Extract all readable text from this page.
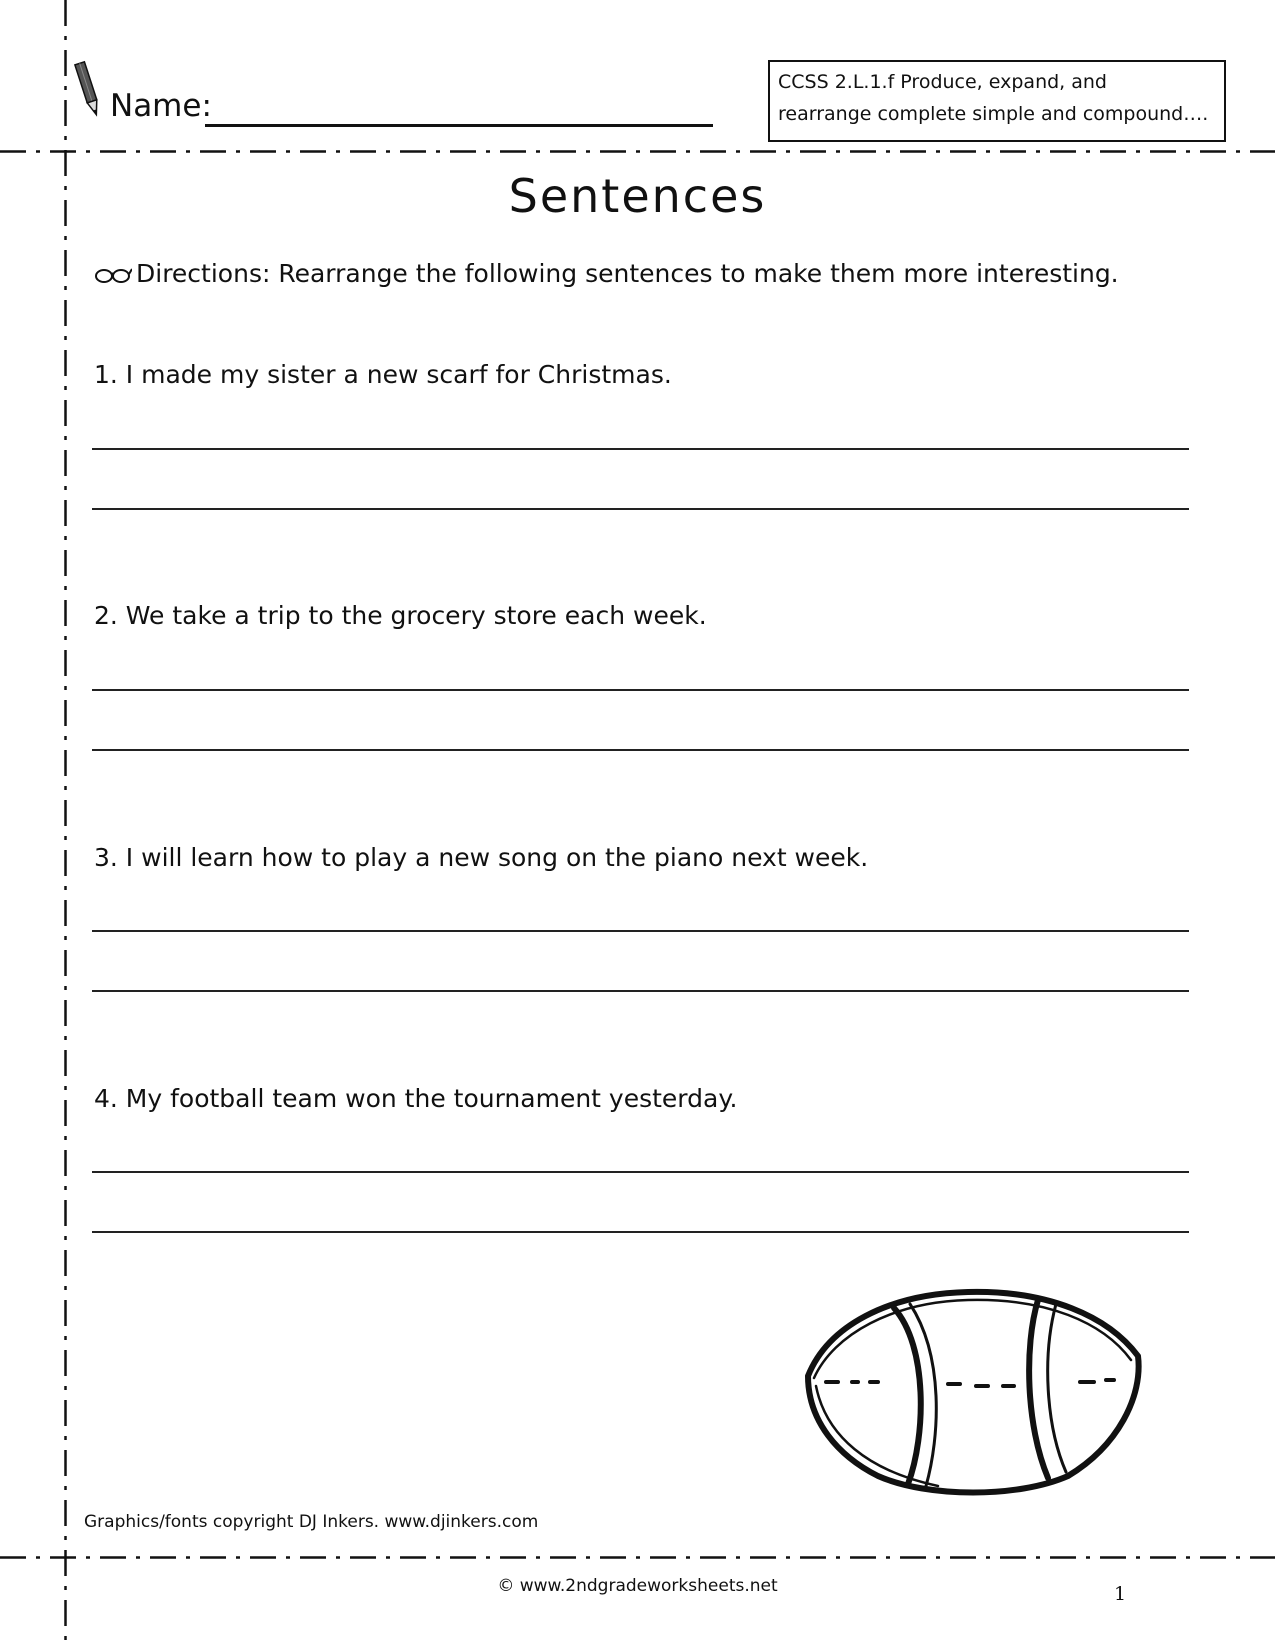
Name:
CCSS 2.L.1.f Produce, expand, and
rearrange complete simple and compound….
Sentences
Directions: Rearrange the following sentences to make them more interesting.
1. I made my sister a new scarf for Christmas.
2. We take a trip to the grocery store each week.
3. I will learn how to play a new song on the piano next week.
4. My football team won the tournament yesterday.
Graphics/fonts copyright DJ Inkers. www.djinkers.com
© www.2ndgradeworksheets.net	1
